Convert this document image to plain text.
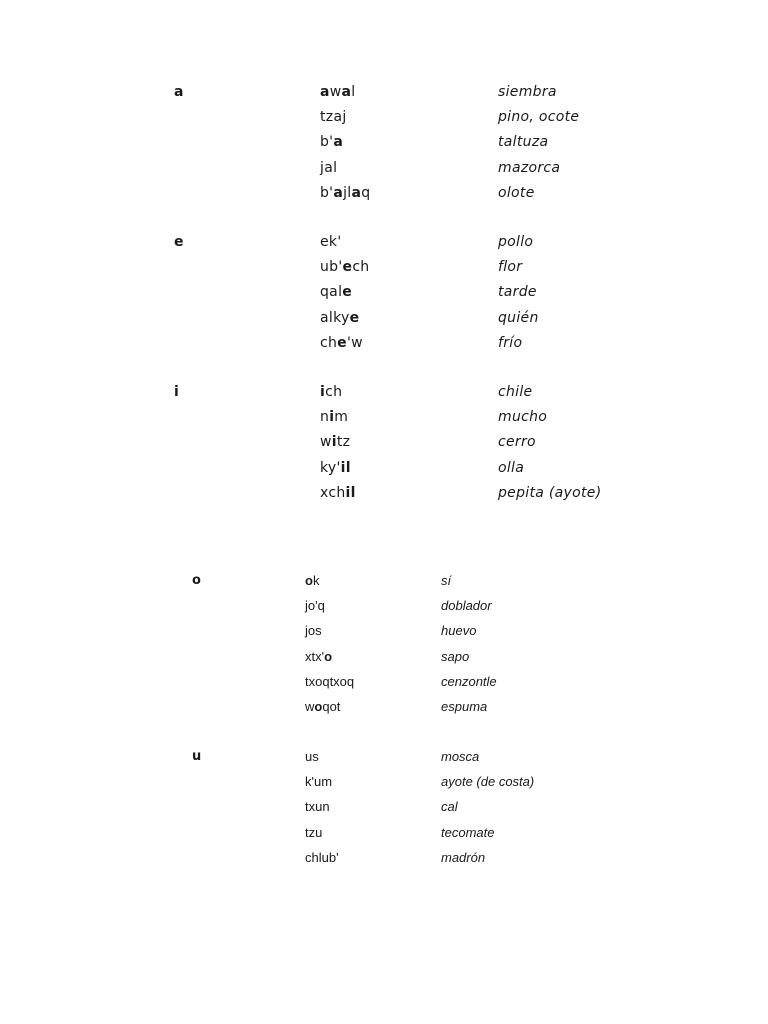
a	awal	siembra
tzaj	pino, ocote
b'a	taltuza
jal	mazorca
b'ajlaq	olote
e	ek'	pollo
ub'ech	flor
qale	tarde
alkye	quién
che'w	frío
i	ich	chile
nim	mucho
witz	cerro
ky'il	olla
xchil	pepita (ayote)
o	ok	sí
jo'q	doblador
jos	huevo
xtx'o	sapo
txoqtxoq	cenzontle
woqot	espuma
u	us	mosca
k'um	ayote (de costa)
txun	cal
tzu	tecomate
chlub'	madrón
